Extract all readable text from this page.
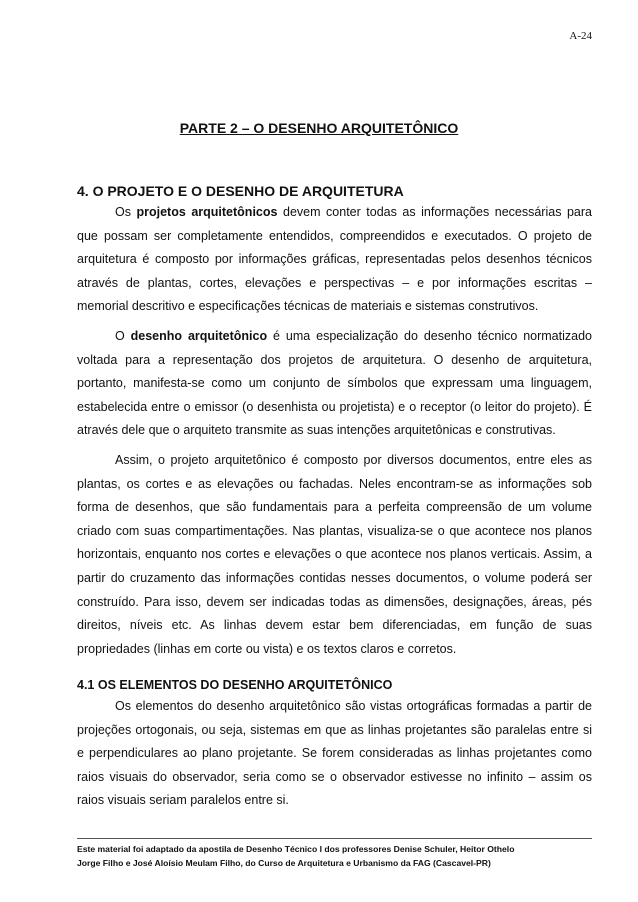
A-24
PARTE 2 – O DESENHO ARQUITETÔNICO
4. O PROJETO E O DESENHO DE ARQUITETURA

Os projetos arquitetônicos devem conter todas as informações necessárias para que possam ser completamente entendidos, compreendidos e executados. O projeto de arquitetura é composto por informações gráficas, representadas pelos desenhos técnicos através de plantas, cortes, elevações e perspectivas – e por informações escritas – memorial descritivo e especificações técnicas de materiais e sistemas construtivos.

O desenho arquitetônico é uma especialização do desenho técnico normatizado voltada para a representação dos projetos de arquitetura. O desenho de arquitetura, portanto, manifesta-se como um conjunto de símbolos que expressam uma linguagem, estabelecida entre o emissor (o desenhista ou projetista) e o receptor (o leitor do projeto). É através dele que o arquiteto transmite as suas intenções arquitetônicas e construtivas.

Assim, o projeto arquitetônico é composto por diversos documentos, entre eles as plantas, os cortes e as elevações ou fachadas. Neles encontram-se as informações sob forma de desenhos, que são fundamentais para a perfeita compreensão de um volume criado com suas compartimentações. Nas plantas, visualiza-se o que acontece nos planos horizontais, enquanto nos cortes e elevações o que acontece nos planos verticais. Assim, a partir do cruzamento das informações contidas nesses documentos, o volume poderá ser construído. Para isso, devem ser indicadas todas as dimensões, designações, áreas, pés direitos, níveis etc. As linhas devem estar bem diferenciadas, em função de suas propriedades (linhas em corte ou vista) e os textos claros e corretos.

4.1 OS ELEMENTOS DO DESENHO ARQUITETÔNICO

Os elementos do desenho arquitetônico são vistas ortográficas formadas a partir de projeções ortogonais, ou seja, sistemas em que as linhas projetantes são paralelas entre si e perpendiculares ao plano projetante. Se forem consideradas as linhas projetantes como raios visuais do observador, seria como se o observador estivesse no infinito – assim os raios visuais seriam paralelos entre si.

Este material foi adaptado da apostila de Desenho Técnico I dos professores Denise Schuler, Heitor Othelo
Jorge Filho e José Aloísio Meulam Filho, do Curso de Arquitetura e Urbanismo da FAG (Cascavel-PR)
